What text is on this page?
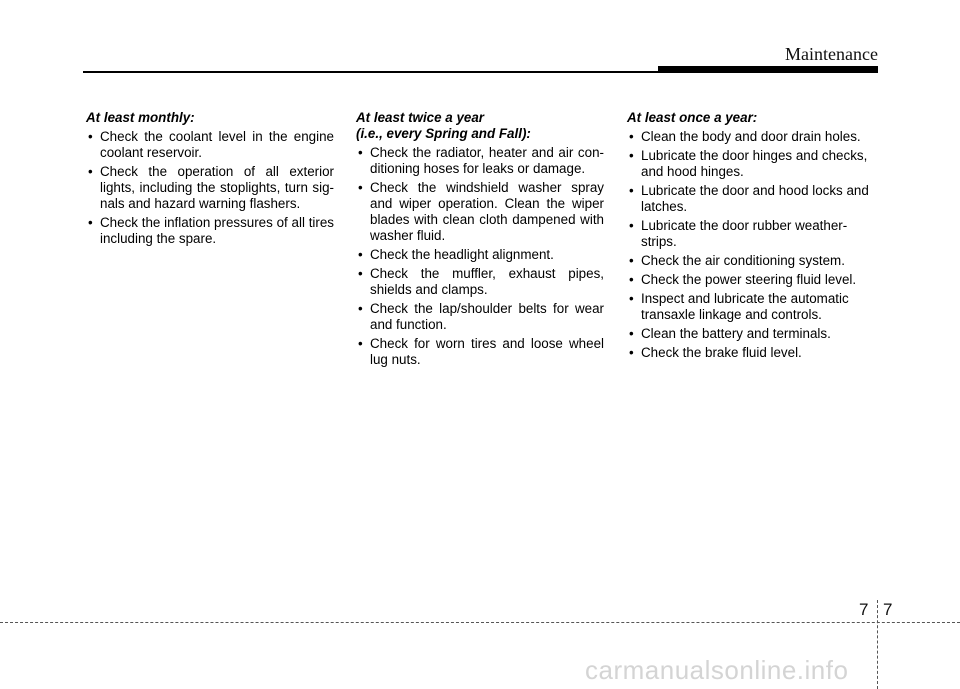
Maintenance
At least monthly:
• Check the coolant level in the engine coolant reservoir.
• Check the operation of all exterior lights, including the stoplights, turn sig-nals and hazard warning flashers.
• Check the inflation pressures of all tires including the spare.
At least twice a year
(i.e., every Spring and Fall):
• Check the radiator, heater and air con-ditioning hoses for leaks or damage.
• Check the windshield washer spray and wiper operation. Clean the wiper blades with clean cloth dampened with washer fluid.
• Check the headlight alignment.
• Check the muffler, exhaust pipes, shields and clamps.
• Check the lap/shoulder belts for wear and function.
• Check for worn tires and loose wheel lug nuts.
At least once a year:
• Clean the body and door drain holes.
• Lubricate the door hinges and checks, and hood hinges.
• Lubricate the door and hood locks and latches.
• Lubricate the door rubber weather-strips.
• Check the air conditioning system.
• Check the power steering fluid level.
• Inspect and lubricate the automatic transaxle linkage and controls.
• Clean the battery and terminals.
• Check the brake fluid level.
7 7
carmanualsonline.info
